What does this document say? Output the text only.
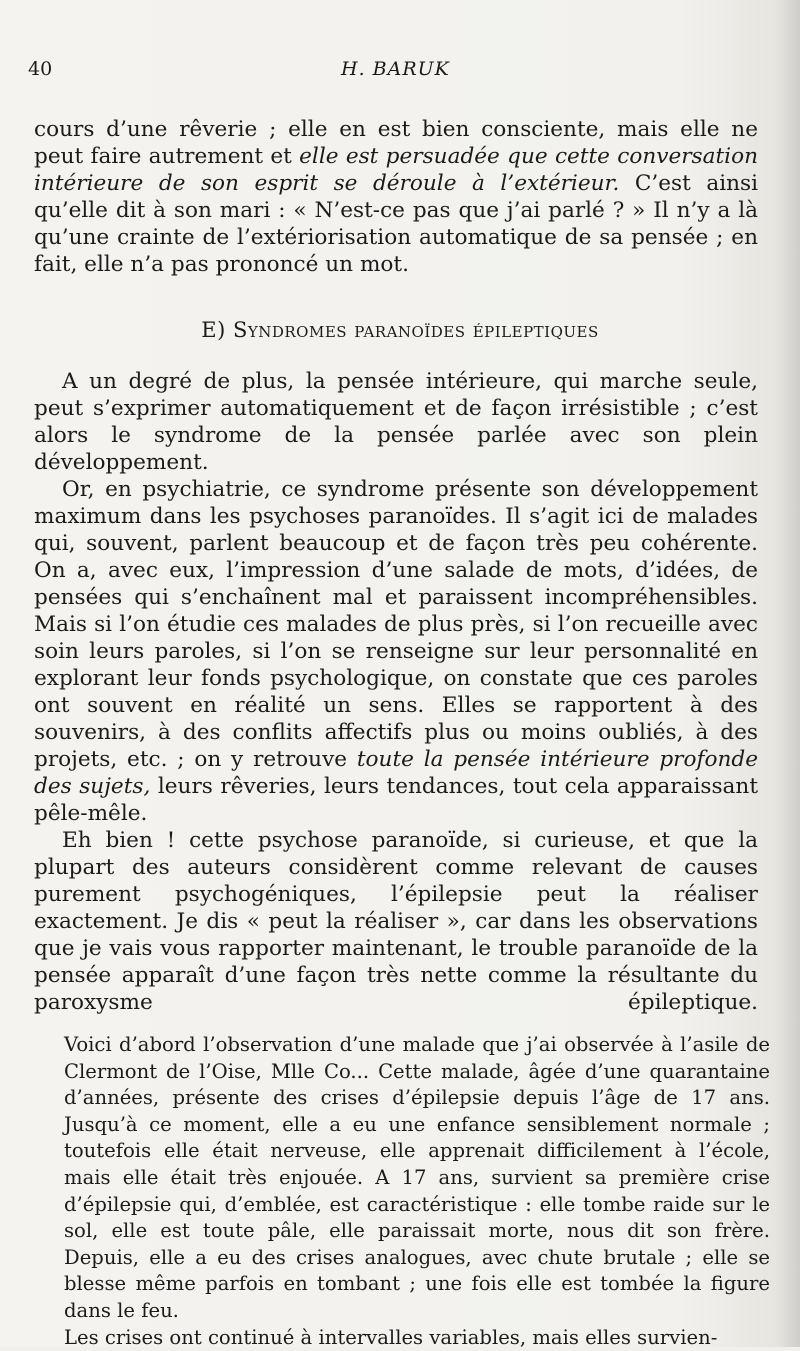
40	H. BARUK

cours d’une rêverie ; elle en est bien consciente, mais elle ne peut faire autrement et elle est persuadée que cette conversation intérieure de son esprit se déroule à l’extérieur. C’est ainsi qu’elle dit à son mari : « N’est-ce pas que j’ai parlé ? » Il n’y a là qu’une crainte de l’extériorisation automatique de sa pensée ; en fait, elle n’a pas prononcé un mot.

E) Syndromes paranoïdes épileptiques

A un degré de plus, la pensée intérieure, qui marche seule, peut s’exprimer automatiquement et de façon irrésistible ; c’est alors le syndrome de la pensée parlée avec son plein développement.

Or, en psychiatrie, ce syndrome présente son développement maximum dans les psychoses paranoïdes. Il s’agit ici de malades qui, souvent, parlent beaucoup et de façon très peu cohérente. On a, avec eux, l’impression d’une salade de mots, d’idées, de pensées qui s’enchaînent mal et paraissent incompréhensibles. Mais si l’on étudie ces malades de plus près, si l’on recueille avec soin leurs paroles, si l’on se renseigne sur leur personnalité en explorant leur fonds psychologique, on constate que ces paroles ont souvent en réalité un sens. Elles se rapportent à des souvenirs, à des conflits affectifs plus ou moins oubliés, à des projets, etc. ; on y retrouve toute la pensée intérieure profonde des sujets, leurs rêveries, leurs tendances, tout cela apparaissant pêle-mêle.

Eh bien ! cette psychose paranoïde, si curieuse, et que la plupart des auteurs considèrent comme relevant de causes purement psychogéniques, l’épilepsie peut la réaliser exactement. Je dis « peut la réaliser », car dans les observations que je vais vous rapporter maintenant, le trouble paranoïde de la pensée apparaît d’une façon très nette comme la résultante du paroxysme épileptique.

Voici d’abord l’observation d’une malade que j’ai observée à l’asile de Clermont de l’Oise, Mlle Co... Cette malade, âgée d’une quarantaine d’années, présente des crises d’épilepsie depuis l’âge de 17 ans. Jusqu’à ce moment, elle a eu une enfance sensiblement normale ; toutefois elle était nerveuse, elle apprenait difficilement à l’école, mais elle était très enjouée. A 17 ans, survient sa première crise d’épilepsie qui, d’emblée, est caractéristique : elle tombe raide sur le sol, elle est toute pâle, elle paraissait morte, nous dit son frère. Depuis, elle a eu des crises analogues, avec chute brutale ; elle se blesse même parfois en tombant ; une fois elle est tombée la figure dans le feu.

Les crises ont continué à intervalles variables, mais elles survien-
